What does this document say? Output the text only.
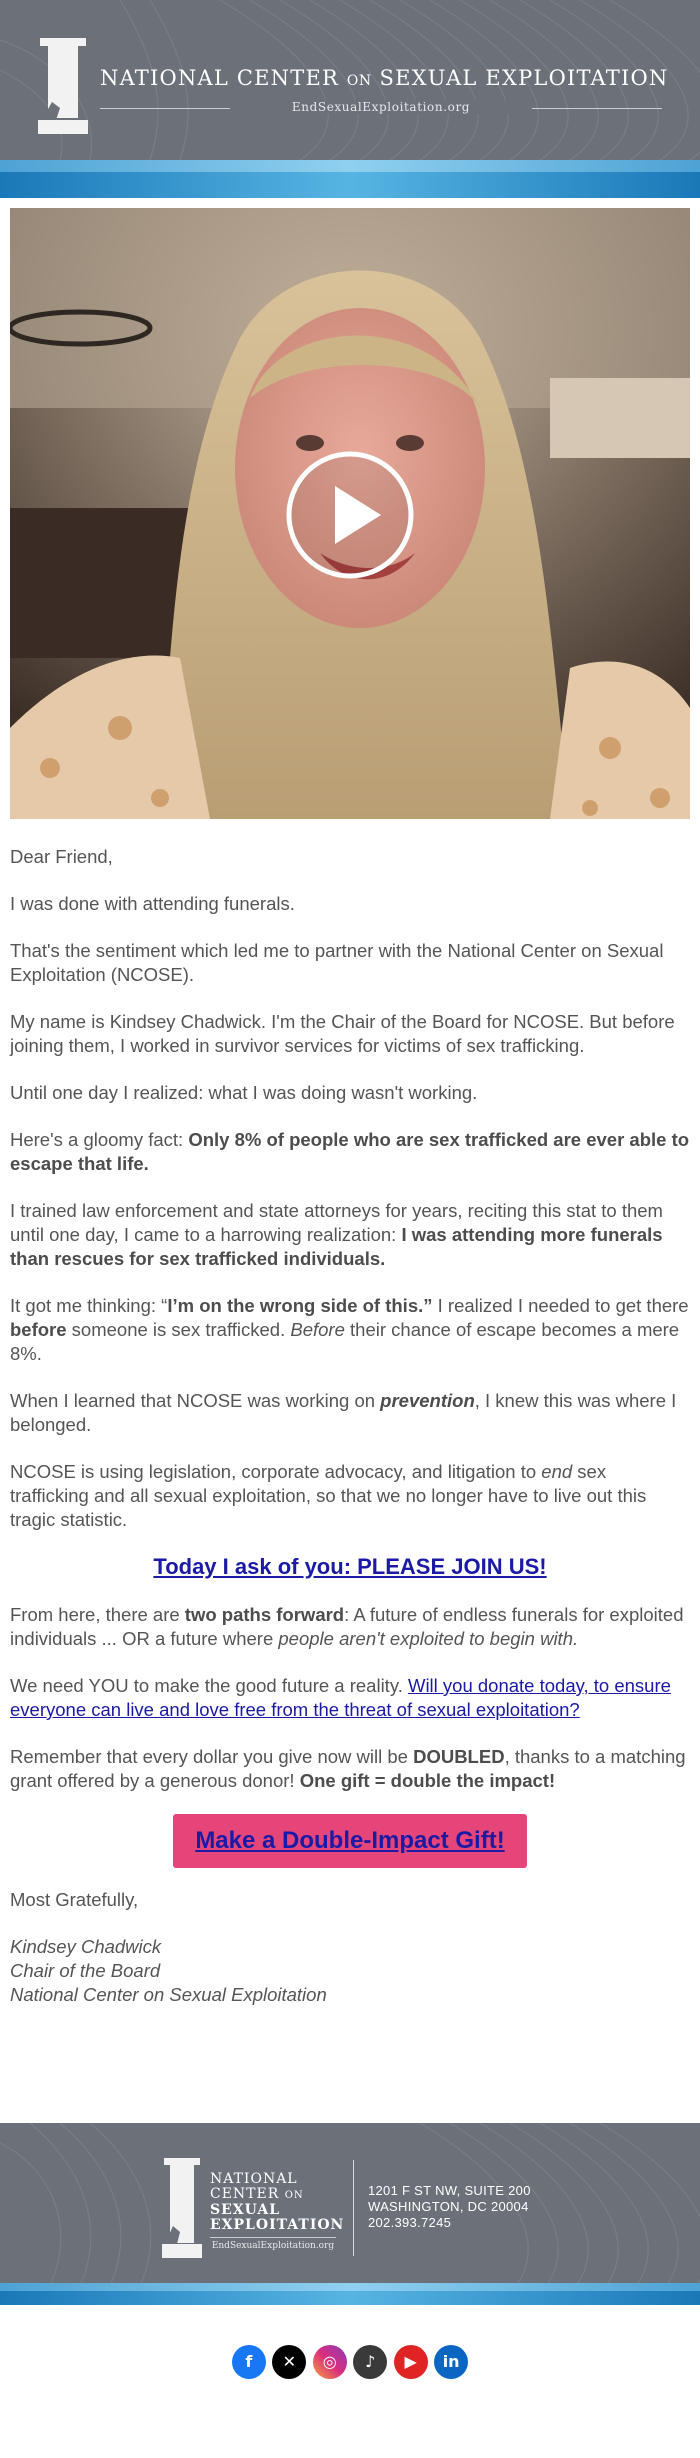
NATIONAL CENTER ON SEXUAL EXPLOITATION
EndSexualExploitation.org

Dear Friend,

I was done with attending funerals.

That's the sentiment which led me to partner with the National Center on Sexual Exploitation (NCOSE).

My name is Kindsey Chadwick. I'm the Chair of the Board for NCOSE. But before joining them, I worked in survivor services for victims of sex trafficking.

Until one day I realized: what I was doing wasn't working.

Here's a gloomy fact: Only 8% of people who are sex trafficked are ever able to escape that life.

I trained law enforcement and state attorneys for years, reciting this stat to them until one day, I came to a harrowing realization: I was attending more funerals than rescues for sex trafficked individuals.

It got me thinking: “I’m on the wrong side of this.” I realized I needed to get there before someone is sex trafficked. Before their chance of escape becomes a mere 8%.

When I learned that NCOSE was working on prevention, I knew this was where I belonged.

NCOSE is using legislation, corporate advocacy, and litigation to end sex trafficking and all sexual exploitation, so that we no longer have to live out this tragic statistic.

Today I ask of you: PLEASE JOIN US!

From here, there are two paths forward: A future of endless funerals for exploited individuals ... OR a future where people aren't exploited to begin with.

We need YOU to make the good future a reality. Will you donate today, to ensure everyone can live and love free from the threat of sexual exploitation?

Remember that every dollar you give now will be DOUBLED, thanks to a matching grant offered by a generous donor! One gift = double the impact!

Make a Double-Impact Gift!

Most Gratefully,

Kindsey Chadwick

Chair of the Board

National Center on Sexual Exploitation

NATIONAL
CENTER ON
SEXUAL
EXPLOITATION
EndSexualExploitation.org
1201 F ST NW, SUITE 200
WASHINGTON, DC 20004
202.393.7245
f
	✕
	◎
	♪
	▶
	in
